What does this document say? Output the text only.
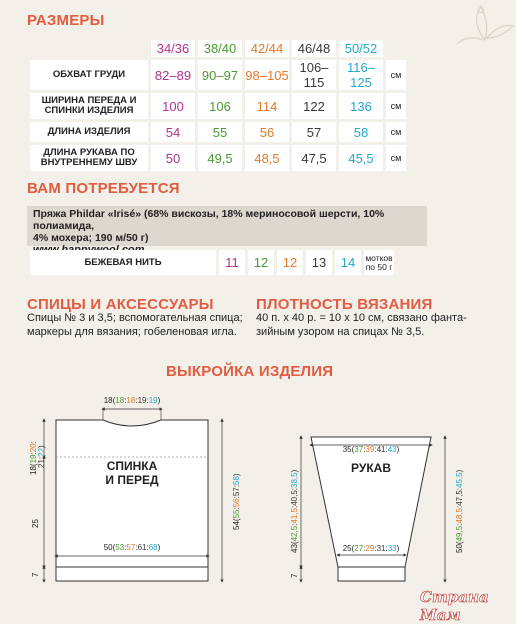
РАЗМЕРЫ
	34/36	38/40	42/44	46/48	50/52	
ОБХВАТ ГРУДИ	82–89	90–97	98–105	106–115	116–125	см
ШИРИНА ПЕРЕДА И СПИНКИ ИЗДЕЛИЯ	100	106	114	122	136	см
ДЛИНА ИЗДЕЛИЯ	54	55	56	57	58	см
ДЛИНА РУКАВА ПО ВНУТРЕННЕМУ ШВУ	50	49,5	48,5	47,5	45,5	см
ВАМ ПОТРЕБУЕТСЯ
Пряжа Phildar «Irisé» (68% вискозы, 18% мериносовой шерсти, 10% полиамида,
4% мохера; 190 м/50 г)
БЕЖЕВАЯ НИТЬ	11	12	12	13	14	мотков по 50 г
СПИЦЫ И АКСЕССУАРЫ
Спицы № 3 и 3,5; вспомогательная спица;
маркеры для вязания; гобеленовая игла.
ПЛОТНОСТЬ ВЯЗАНИЯ
40 п. х 40 р. = 10 х 10 см, связано фанта-
зийным узором на спицах № 3,5.
ВЫКРОЙКА ИЗДЕЛИЯ
СПИНКА
И ПЕРЕД
18(18:18:19:19)
50(53:57:61:68)
18(19:20:
21:22)
25
7
54(55:56:57:58)	РУКАВ
35(37:39:41:43)
25(27:29:31:33)
43(42,5:41,5:40,5:38,5)
7
50(49,5:48,5:47,5:45,5)
Страна Мам
